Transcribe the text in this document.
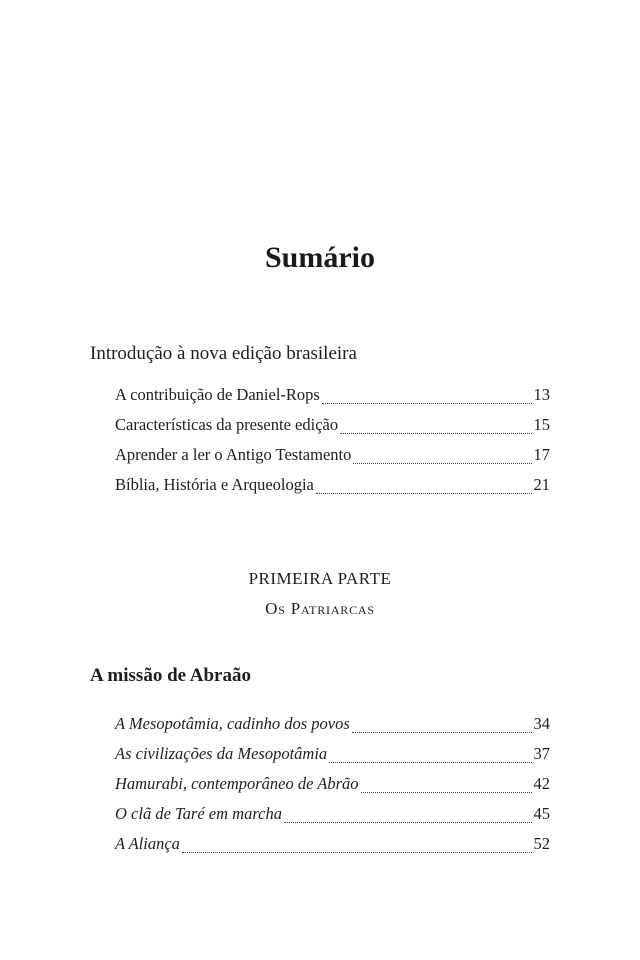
Sumário
Introdução à nova edição brasileira
A contribuição de Daniel-Rops	13
Características da presente edição	15
Aprender a ler o Antigo Testamento	17
Bíblia, História e Arqueologia	21
PRIMEIRA PARTE
Os Patriarcas
A missão de Abraão
A Mesopotâmia, cadinho dos povos	34
As civilizações da Mesopotâmia	37
Hamurabi, contemporâneo de Abrão	42
O clã de Taré em marcha	45
A Aliança	52
